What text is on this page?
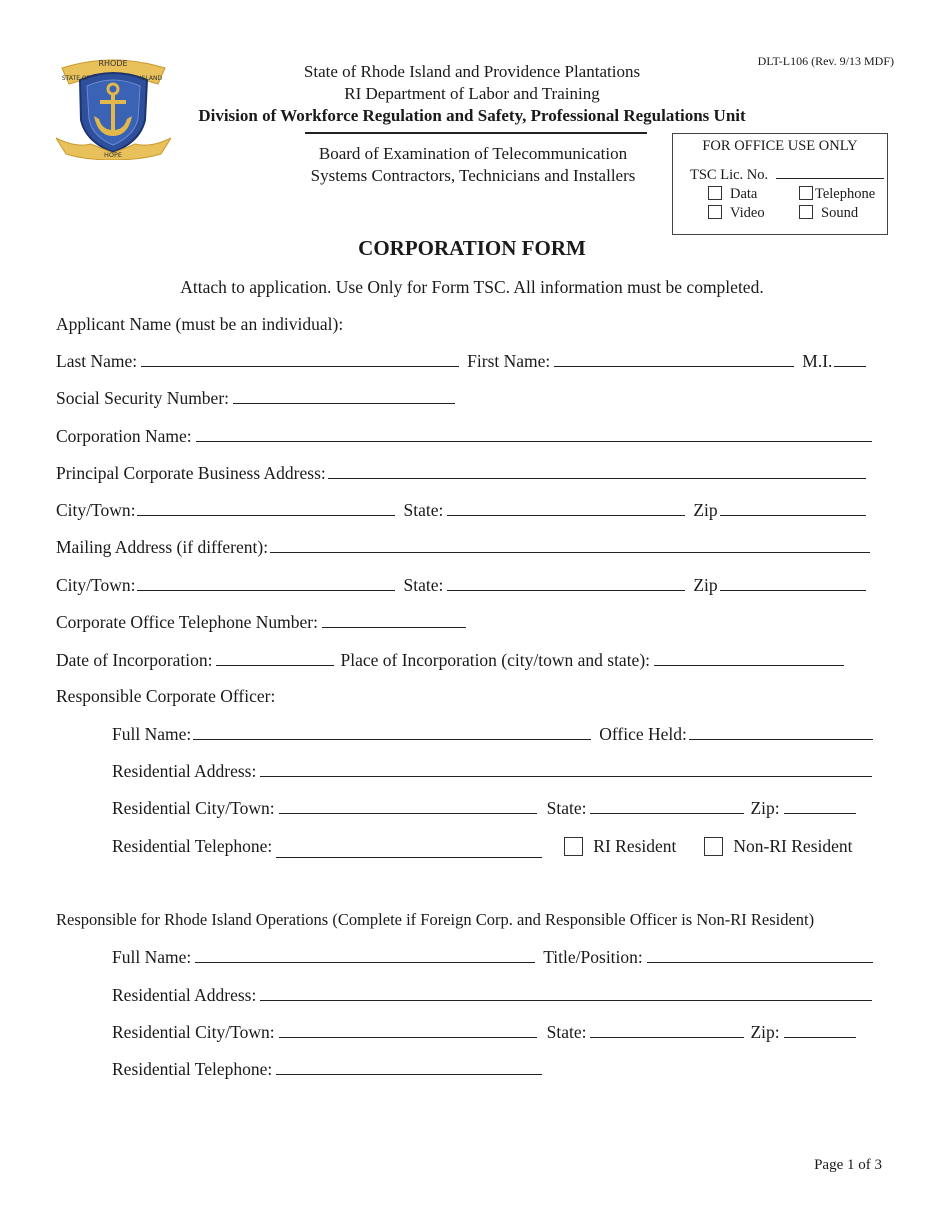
RHODE
STATE OF	ISLAND
HOPE
DLT-L106 (Rev. 9/13 MDF)
State of Rhode Island and Providence Plantations
RI Department of Labor and Training
Division of Workforce Regulation and Safety, Professional Regulations Unit
Board of Examination of Telecommunication
Systems Contractors, Technicians and Installers
FOR OFFICE USE ONLY
TSC Lic. No.
Data	Telephone
Video	Sound
CORPORATION FORM
Attach to application. Use Only for Form TSC. All information must be completed.
Applicant Name (must be an individual):
Last Name:	First Name:	M.I.
Social Security Number:
Corporation Name:
Principal Corporate Business Address:
City/Town:	State:	Zip
Mailing Address (if different):
City/Town:	State:	Zip
Corporate Office Telephone Number:
Date of Incorporation:	Place of Incorporation (city/town and state):
Responsible Corporate Officer:
Full Name:	Office Held:
Residential Address:
Residential City/Town:	State:	Zip:
Residential Telephone:	RI Resident	Non-RI Resident
Responsible for Rhode Island Operations (Complete if Foreign Corp. and Responsible Officer is Non-RI Resident)
Full Name:	Title/Position:
Residential Address:
Residential City/Town:	State:	Zip:
Residential Telephone:
Page 1 of 3
